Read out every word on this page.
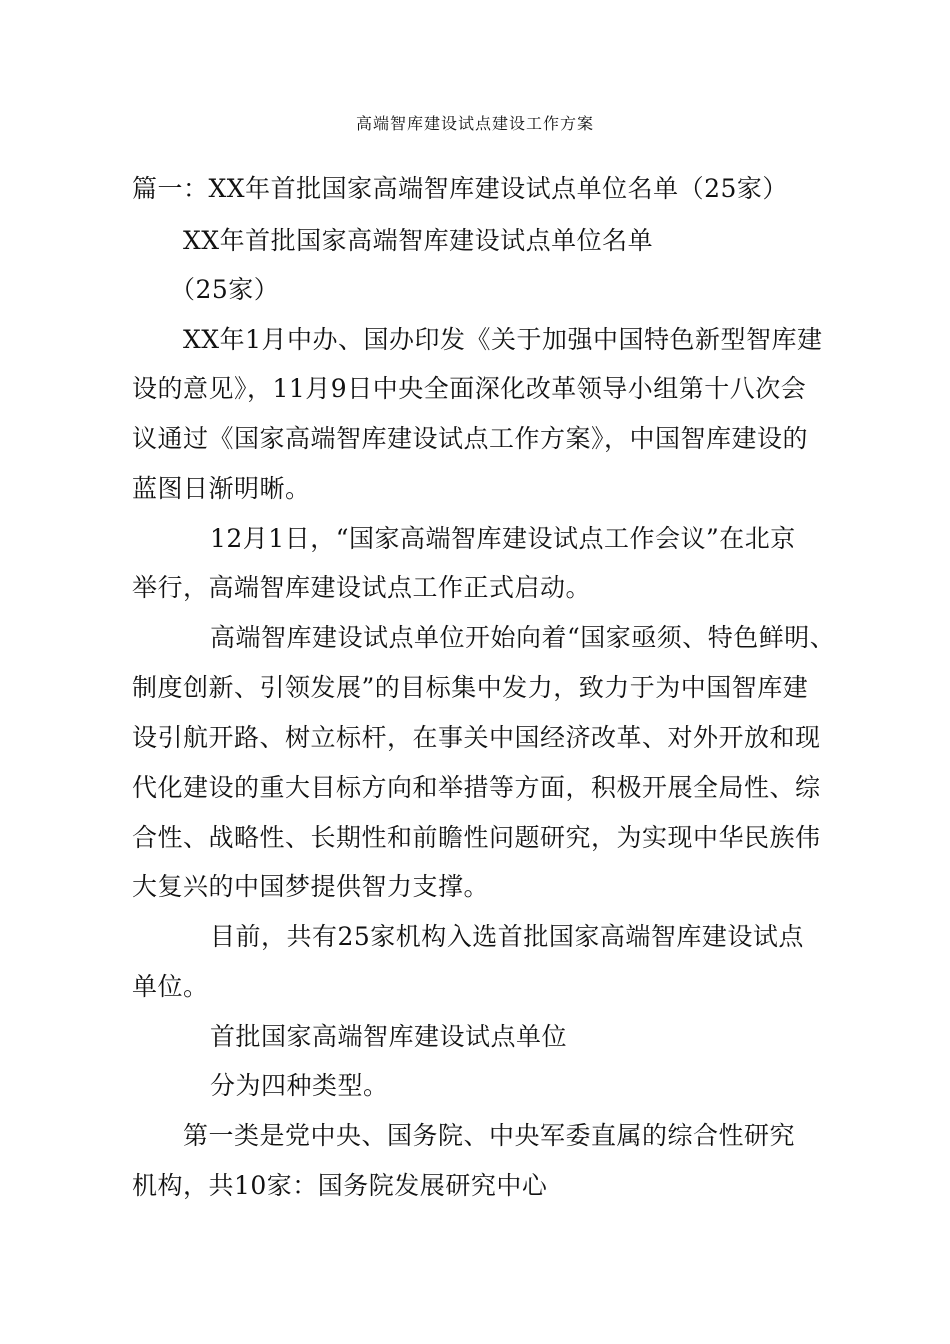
高端智库建设试点建设工作方案
篇一：XX年首批国家高端智库建设试点单位名单（25家）
XX年首批国家高端智库建设试点单位名单
（25家）
XX年1月中办、国办印发《关于加强中国特色新型智库建
设的意见》，11月9日中央全面深化改革领导小组第十八次会
议通过《国家高端智库建设试点工作方案》，中国智库建设的
蓝图日渐明晰。
12月1日，“国家高端智库建设试点工作会议”在北京
举行，高端智库建设试点工作正式启动。
高端智库建设试点单位开始向着“国家亟须、特色鲜明、
制度创新、引领发展”的目标集中发力，致力于为中国智库建
设引航开路、树立标杆，在事关中国经济改革、对外开放和现
代化建设的重大目标方向和举措等方面，积极开展全局性、综
合性、战略性、长期性和前瞻性问题研究，为实现中华民族伟
大复兴的中国梦提供智力支撑。
目前，共有25家机构入选首批国家高端智库建设试点
单位。
首批国家高端智库建设试点单位
分为四种类型。
第一类是党中央、国务院、中央军委直属的综合性研究
机构，共10家：国务院发展研究中心
